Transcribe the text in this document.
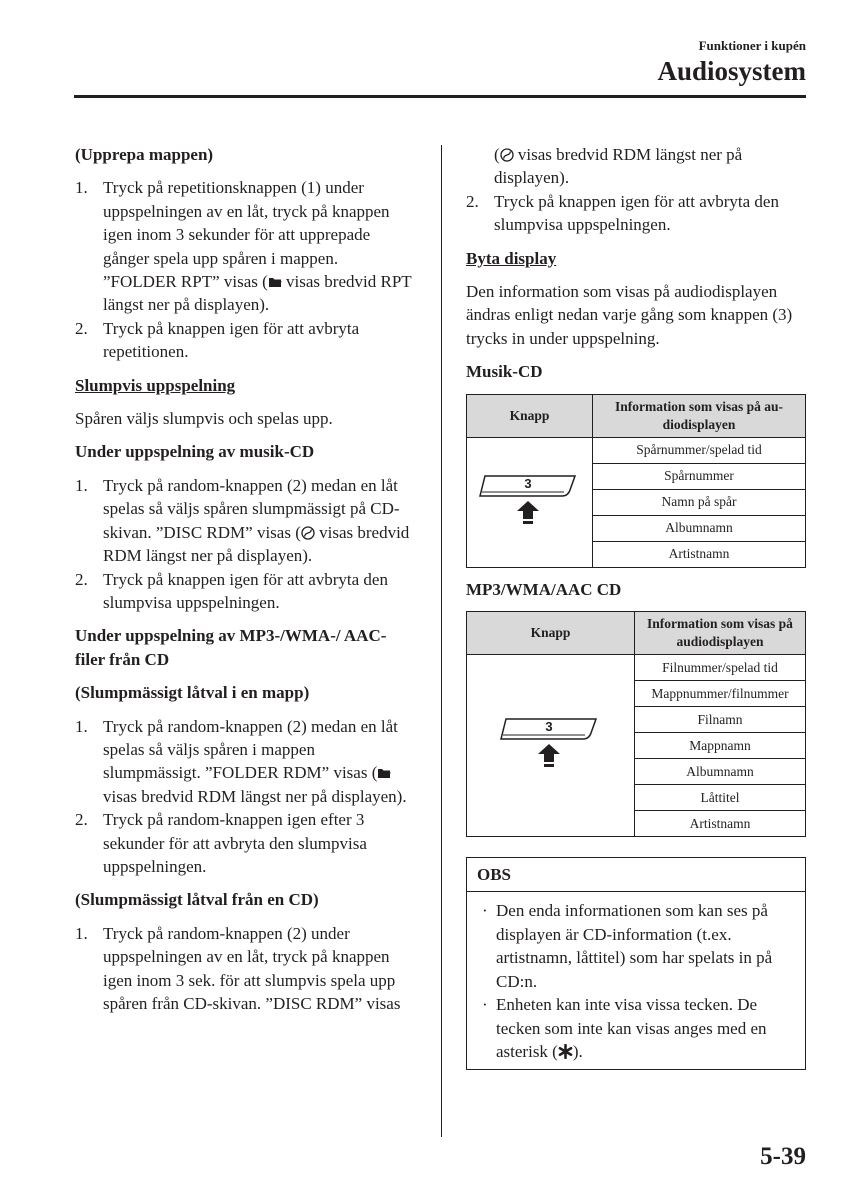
Funktioner i kupén
Audiosystem
(Upprepa mappen)
1. Tryck på repetitionsknappen (1) under uppspelningen av en låt, tryck på knappen igen inom 3 sekunder för att upprepade gånger spela upp spåren i mappen. ”FOLDER RPT” visas ( visas bredvid RPT längst ner på displayen).
2. Tryck på knappen igen för att avbryta repetitionen.
Slumpvis uppspelning
Spåren väljs slumpvis och spelas upp.
Under uppspelning av musik-CD
1. Tryck på random-knappen (2) medan en låt spelas så väljs spåren slumpmässigt på CD-skivan. ”DISC RDM” visas ( visas bredvid RDM längst ner på displayen).
2. Tryck på knappen igen för att avbryta den slumpvisa uppspelningen.
Under uppspelning av MP3-/WMA-/ AAC-filer från CD
(Slumpmässigt låtval i en mapp)
1. Tryck på random-knappen (2) medan en låt spelas så väljs spåren i mappen slumpmässigt. ”FOLDER RDM” visas ( visas bredvid RDM längst ner på displayen).
2. Tryck på random-knappen igen efter 3 sekunder för att avbryta den slumpvisa uppspelningen.
(Slumpmässigt låtval från en CD)
1. Tryck på random-knappen (2) under uppspelningen av en låt, tryck på knappen igen inom 3 sek. för att slumpvis spela upp spåren från CD-skivan. ”DISC RDM” visas
( visas bredvid RDM längst ner på displayen).
2. Tryck på knappen igen för att avbryta den slumpvisa uppspelningen.
Byta display
Den information som visas på audiodisplayen ändras enligt nedan varje gång som knappen (3) trycks in under uppspelning.
Musik-CD
Knapp	Information som visas på au-diodisplayen

3	Spårnummer/spelad tid
	Spårnummer
	Namn på spår
	Albumnamn
	Artistnamn
MP3/WMA/AAC CD
Knapp	Information som visas på audiodisplayen

3	Filnummer/spelad tid
	Mappnummer/filnummer
	Filnamn
	Mappnamn
	Albumnamn
	Låttitel
	Artistnamn
OBS
· Den enda informationen som kan ses på displayen är CD-information (t.ex. artistnamn, låttitel) som har spelats in på CD:n.
· Enheten kan inte visa vissa tecken. De tecken som inte kan visas anges med en asterisk ( ).
5-39
